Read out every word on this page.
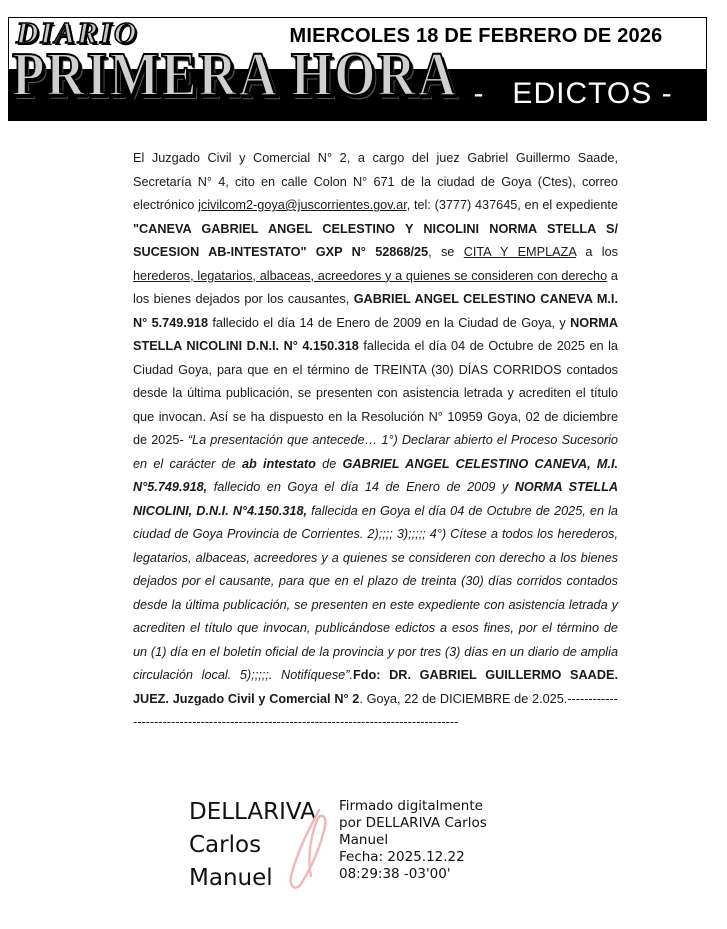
MIERCOLES 18 DE FEBRERO DE 2026
-   EDICTOS -
DIARIO
PRIMERA HORA
El Juzgado Civil y Comercial N° 2, a cargo del juez Gabriel Guillermo Saade, Secretaría N° 4, cito en calle Colon N° 671 de la ciudad de Goya (Ctes), correo electrónico jcivilcom2-goya@juscorrientes.gov.ar, tel: (3777) 437645, en el expediente "CANEVA GABRIEL ANGEL CELESTINO Y NICOLINI NORMA STELLA S/ SUCESION AB-INTESTATO" GXP N° 52868/25, se CITA Y EMPLAZA a los herederos, legatarios, albaceas, acreedores y a quienes se consideren con derecho a los bienes dejados por los causantes, GABRIEL ANGEL CELESTINO CANEVA M.I. N° 5.749.918 fallecido el día 14 de Enero de 2009 en la Ciudad de Goya, y NORMA STELLA NICOLINI D.N.I. N° 4.150.318 fallecida el día 04 de Octubre de 2025 en la Ciudad Goya, para que en el término de TREINTA (30) DÍAS CORRIDOS contados desde la última publicación, se presenten con asistencia letrada y acrediten el título que invocan. Así se ha dispuesto en la Resolución N° 10959 Goya, 02 de diciembre de 2025- “La presentación que antecede… 1°) Declarar abierto el Proceso Sucesorio en el carácter de ab intestato de GABRIEL ANGEL CELESTINO CANEVA, M.I. N°5.749.918, fallecido en Goya el día 14 de Enero de 2009 y NORMA STELLA NICOLINI, D.N.I. N°4.150.318, fallecida en Goya el día 04 de Octubre de 2025, en la ciudad de Goya Provincia de Corrientes. 2);;;; 3);;;;; 4°) Cítese a todos los herederos, legatarios, albaceas, acreedores y a quienes se consideren con derecho a los bienes dejados por el causante, para que en el plazo de treinta (30) días corridos contados desde la última publicación, se presenten en este expediente con asistencia letrada y acrediten el título que invocan, publicándose edictos a esos fines, por el término de un (1) día en el boletín oficial de la provincia y por tres (3) días en un diario de amplia circulación local. 5);;;;;. Notifíquese”.Fdo: DR. GABRIEL GUILLERMO SAADE. JUEZ. Juzgado Civil y Comercial N° 2. Goya, 22 de DICIEMBRE de 2.025.-----------------------------------------------------------------------------------------
DELLARIVA
Carlos
Manuel
Firmado digitalmente
por DELLARIVA Carlos
Manuel
Fecha: 2025.12.22
08:29:38 -03'00'
